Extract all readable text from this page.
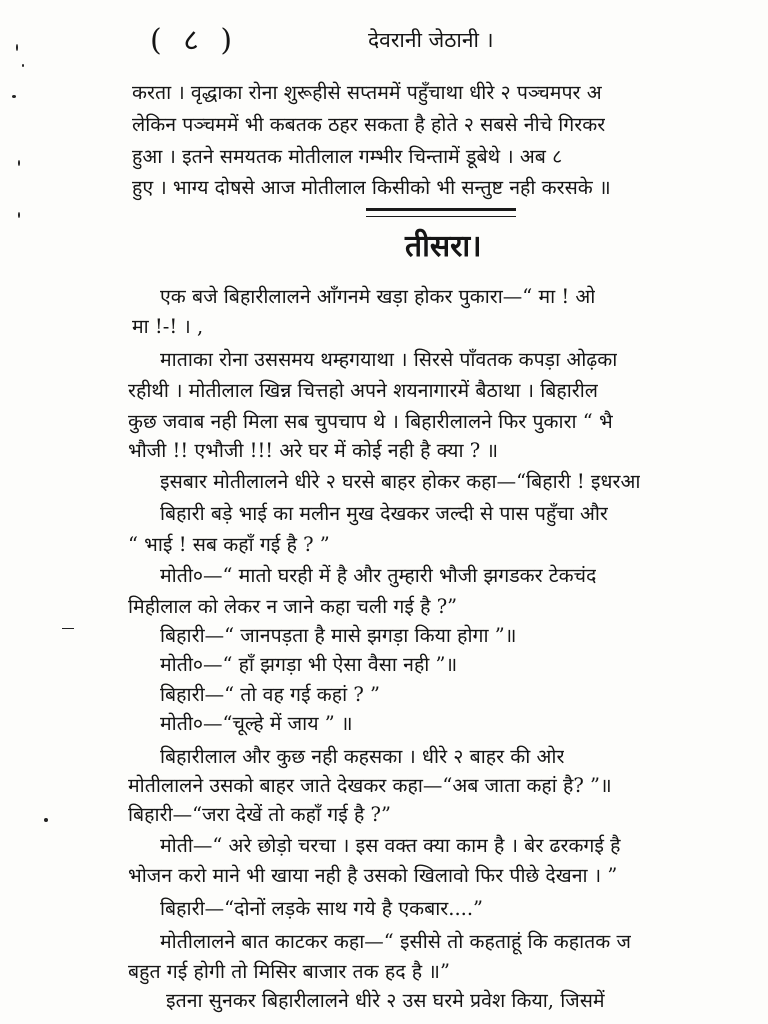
( ८ )	देवरानी जेठानी ।
करता । वृद्धाका रोना शुरूहीसे सप्तममें पहुँचाथा धीरे २ पञ्चमपर अ
लेकिन पञ्चममें भी कबतक ठहर सकता है होते २ सबसे नीचे गिरकर
हुआ । इतने समयतक मोतीलाल गम्भीर चिन्तामें डूबेथे । अब ८
हुए । भाग्य दोषसे आज मोतीलाल किसीको भी सन्तुष्ट नही करसके ॥
तीसरा।
एक बजे बिहारीलालने आँगनमे खड़ा होकर पुकारा—“ मा ! ओ
मा !-! । ,
माताका रोना उससमय थम्हगयाथा । सिरसे पाँवतक कपड़ा ओढ़का
रहीथी । मोतीलाल खिन्न चित्तहो अपने शयनागारमें बैठाथा । बिहारील
कुछ जवाब नही मिला सब चुपचाप थे । बिहारीलालने फिर पुकारा “ भै
भौजी !! एभौजी !!! अरे घर में कोई नही है क्या ? ॥
इसबार मोतीलालने धीरे २ घरसे बाहर होकर कहा—“बिहारी ! इधरआ
बिहारी बड़े भाई का मलीन मुख देखकर जल्दी से पास पहुँचा और
“ भाई ! सब कहाँ गई है ? ”
मोती०—“ मातो घरही में है और तुम्हारी भौजी झगडकर टेकचंद
मिहीलाल को लेकर न जाने कहा चली गई है ?”
बिहारी—“ जानपड़ता है मासे झगड़ा किया होगा ”॥
मोती०—“ हाँ झगड़ा भी ऐसा वैसा नही ”॥
बिहारी—“ तो वह गई कहां ? ”
मोती०—“चूल्हे में जाय ” ॥
बिहारीलाल और कुछ नही कहसका । धीरे २ बाहर की ओर
मोतीलालने उसको बाहर जाते देखकर कहा—“अब जाता कहां है? ”॥
बिहारी—“जरा देखें तो कहाँ गई है ?”
मोती—“ अरे छोड़ो चरचा । इस वक्त क्या काम है । बेर ढरकगई है
भोजन करो माने भी खाया नही है उसको खिलावो फिर पीछे देखना । ”
बिहारी—“दोनों लड़के साथ गये है एकबार....”
मोतीलालने बात काटकर कहा—“ इसीसे तो कहताहूं कि कहातक ज
बहुत गई होगी तो मिसिर बाजार तक हद है ॥”
इतना सुनकर बिहारीलालने धीरे २ उस घरमे प्रवेश किया, जिसमें
